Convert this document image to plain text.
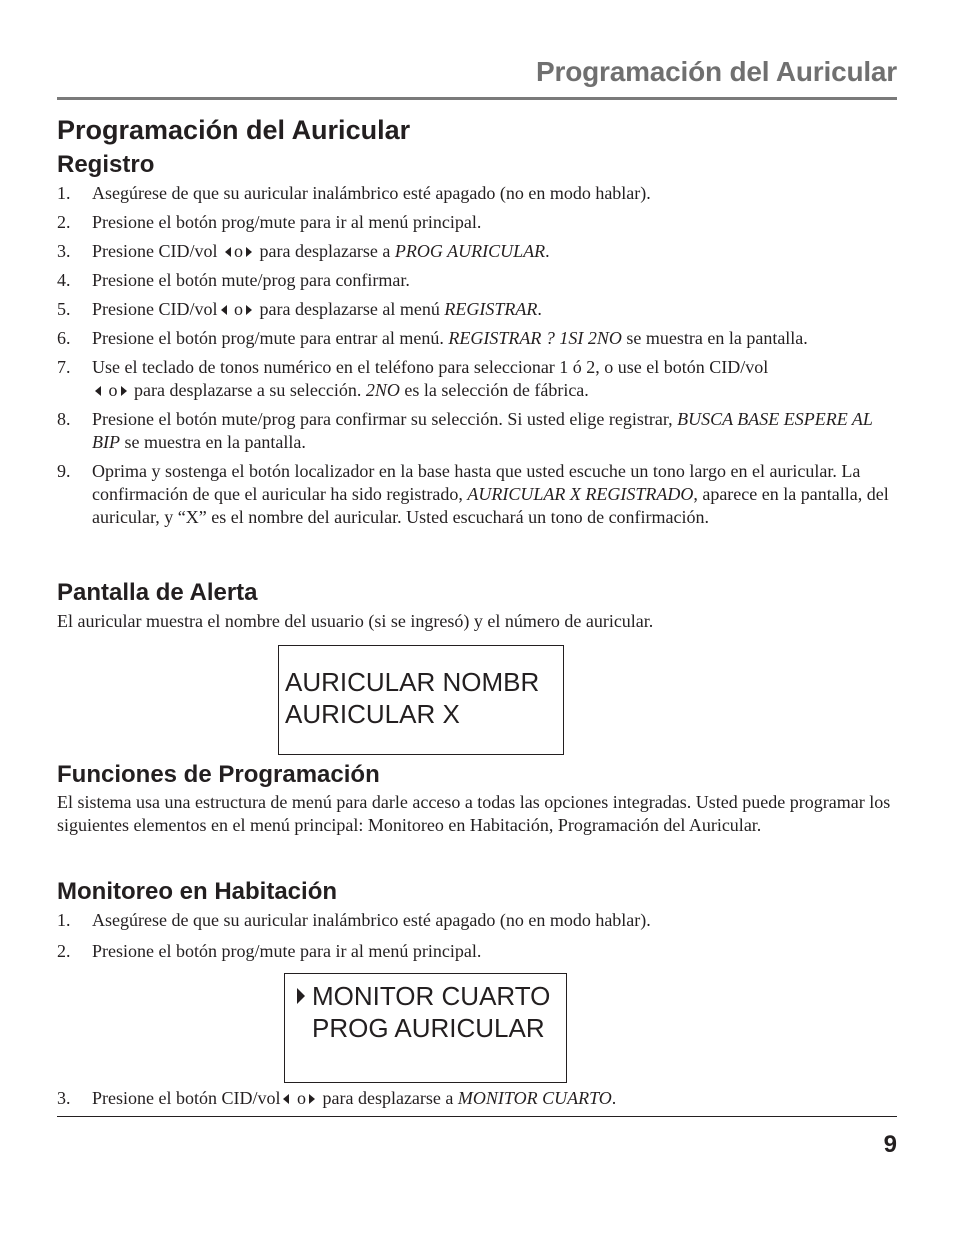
Programación del Auricular
Programación del Auricular
Registro
1. Asegúrese de que su auricular inalámbrico esté apagado (no en modo hablar).
2. Presione el botón prog/mute para ir al menú principal.
3. Presione CID/vol o para desplazarse a PROG AURICULAR.
4. Presione el botón mute/prog para confirmar.
5. Presione CID/vol o para desplazarse al menú REGISTRAR.
6. Presione el botón prog/mute para entrar al menú. REGISTRAR ? 1SI 2NO se muestra en la pantalla.
7. Use el teclado de tonos numérico en el teléfono para seleccionar 1 ó 2, o use el botón CID/vol
o para desplazarse a su selección. 2NO es la selección de fábrica.
8. Presione el botón mute/prog para confirmar su selección. Si usted elige registrar, BUSCA BASE ESPERE AL BIP se muestra en la pantalla.
9. Oprima y sostenga el botón localizador en la base hasta que usted escuche un tono largo en el auricular. La confirmación de que el auricular ha sido registrado, AURICULAR X REGISTRADO, aparece en la pantalla, del auricular, y “X” es el nombre del auricular. Usted escuchará un tono de confirmación.
Pantalla de Alerta

El auricular muestra el nombre del usuario (si se ingresó) y el número de auricular.

AURICULAR NOMBR
AURICULAR X
Funciones de Programación

El sistema usa una estructura de menú para darle acceso a todas las opciones integradas. Usted puede programar los siguientes elementos en el menú principal: Monitoreo en Habitación, Programación del Auricular.

Monitoreo en Habitación
1. Asegúrese de que su auricular inalámbrico esté apagado (no en modo hablar).
2. Presione el botón prog/mute para ir al menú principal.
MONITOR CUARTO
PROG AURICULAR
3. Presione el botón CID/vol o para desplazarse a MONITOR CUARTO.
9
